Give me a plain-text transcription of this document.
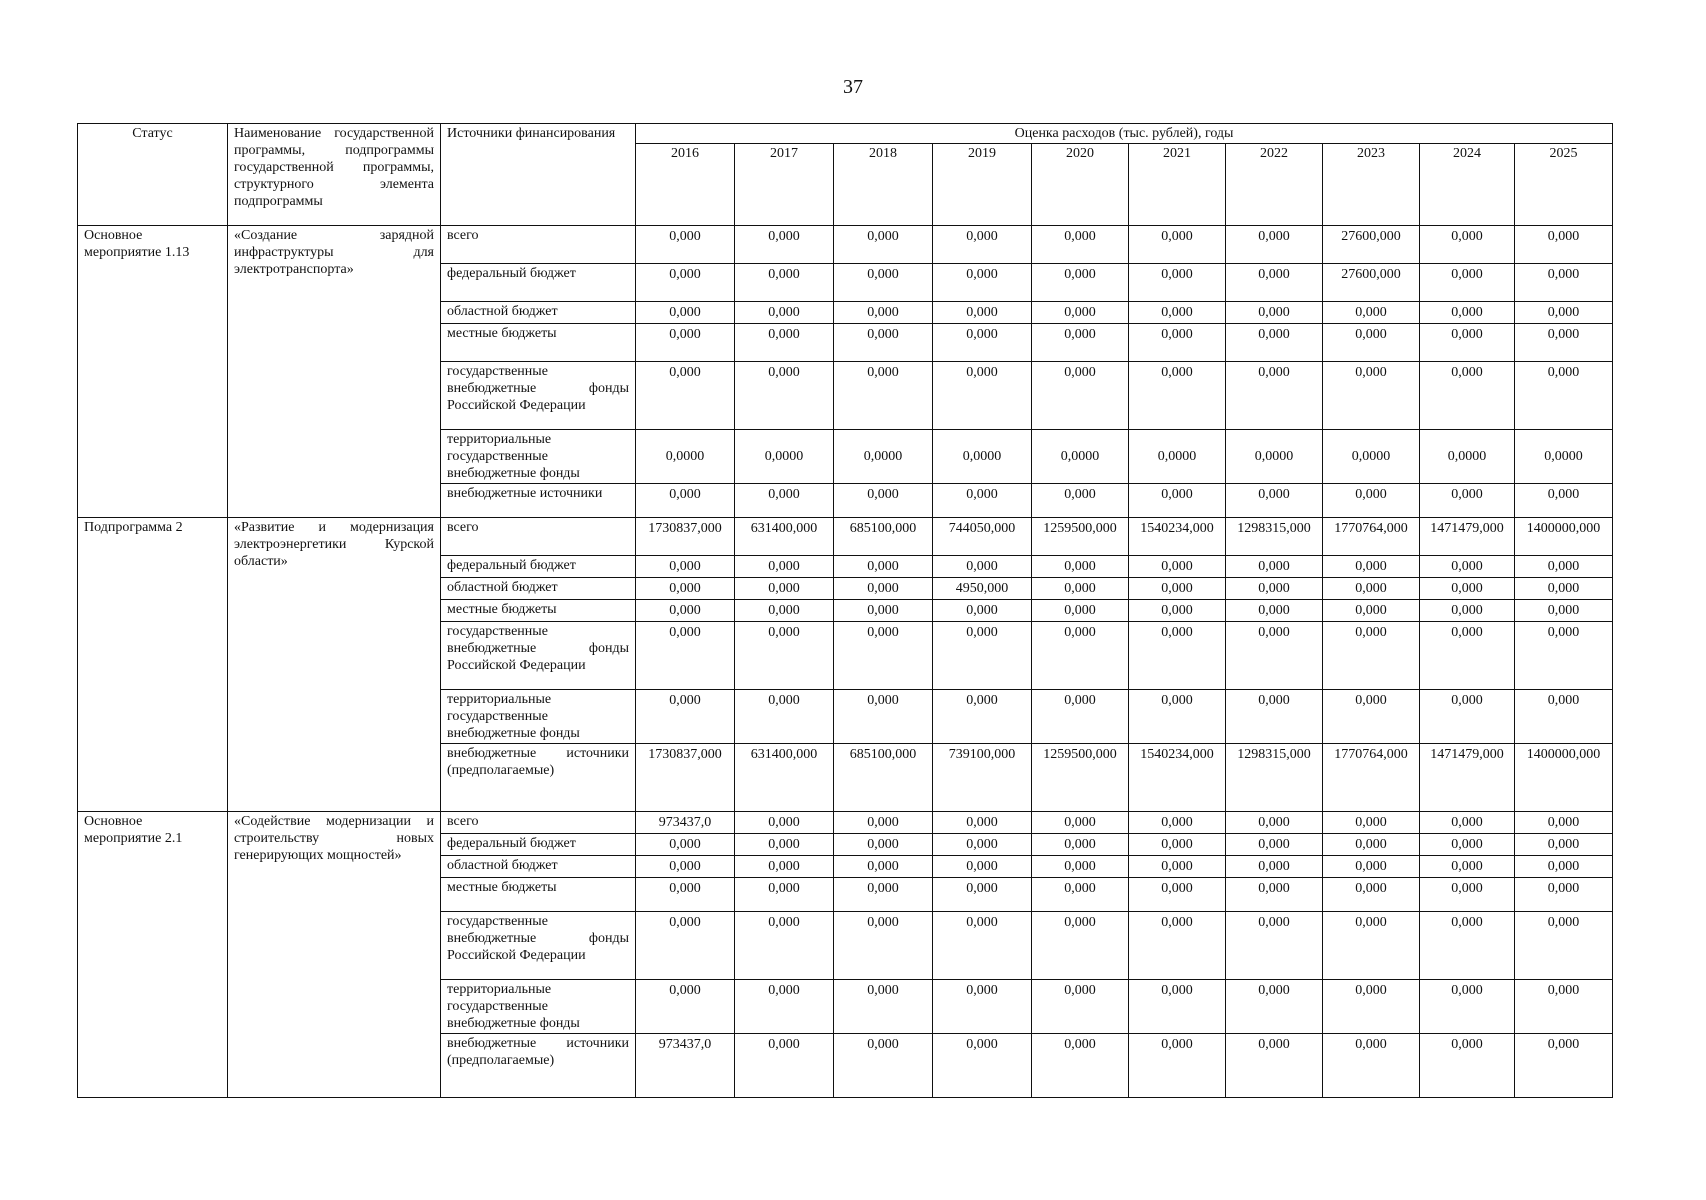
37
Статус	Наименование государственной программы, подпрограммы государственной программы, структурного элемента подпрограммы	Источники финансирования	Оценка расходов (тыс. рублей), годы									
			2016	2017	2018	2019	2020	2021	2022	2023	2024	2025
Основное мероприятие 1.13	«Создание зарядной инфраструктуры для электротранспорта»	всего	0,000	0,000	0,000	0,000	0,000	0,000	0,000	27600,000	0,000	0,000
		федеральный бюджет	0,000	0,000	0,000	0,000	0,000	0,000	0,000	27600,000	0,000	0,000
		областной бюджет	0,000	0,000	0,000	0,000	0,000	0,000	0,000	0,000	0,000	0,000
		местные бюджеты	0,000	0,000	0,000	0,000	0,000	0,000	0,000	0,000	0,000	0,000
		государственные внебюджетные фонды Российской Федерации	0,000	0,000	0,000	0,000	0,000	0,000	0,000	0,000	0,000	0,000
		территориальные государственные внебюджетные фонды	0,0000	0,0000	0,0000	0,0000	0,0000	0,0000	0,0000	0,0000	0,0000	0,0000
		внебюджетные источники	0,000	0,000	0,000	0,000	0,000	0,000	0,000	0,000	0,000	0,000
Подпрограмма 2	«Развитие и модернизация электроэнергетики Курской области»	всего	1730837,000	631400,000	685100,000	744050,000	1259500,000	1540234,000	1298315,000	1770764,000	1471479,000	1400000,000
		федеральный бюджет	0,000	0,000	0,000	0,000	0,000	0,000	0,000	0,000	0,000	0,000
		областной бюджет	0,000	0,000	0,000	4950,000	0,000	0,000	0,000	0,000	0,000	0,000
		местные бюджеты	0,000	0,000	0,000	0,000	0,000	0,000	0,000	0,000	0,000	0,000
		государственные внебюджетные фонды Российской Федерации	0,000	0,000	0,000	0,000	0,000	0,000	0,000	0,000	0,000	0,000
		территориальные государственные внебюджетные фонды	0,000	0,000	0,000	0,000	0,000	0,000	0,000	0,000	0,000	0,000
		внебюджетные источники (предполагаемые)	1730837,000	631400,000	685100,000	739100,000	1259500,000	1540234,000	1298315,000	1770764,000	1471479,000	1400000,000
Основное мероприятие 2.1	«Содействие модернизации и строительству новых генерирующих мощностей»	всего	973437,0	0,000	0,000	0,000	0,000	0,000	0,000	0,000	0,000	0,000
		федеральный бюджет	0,000	0,000	0,000	0,000	0,000	0,000	0,000	0,000	0,000	0,000
		областной бюджет	0,000	0,000	0,000	0,000	0,000	0,000	0,000	0,000	0,000	0,000
		местные бюджеты	0,000	0,000	0,000	0,000	0,000	0,000	0,000	0,000	0,000	0,000
		государственные внебюджетные фонды Российской Федерации	0,000	0,000	0,000	0,000	0,000	0,000	0,000	0,000	0,000	0,000
		территориальные государственные внебюджетные фонды	0,000	0,000	0,000	0,000	0,000	0,000	0,000	0,000	0,000	0,000
		внебюджетные источники (предполагаемые)	973437,0	0,000	0,000	0,000	0,000	0,000	0,000	0,000	0,000	0,000
